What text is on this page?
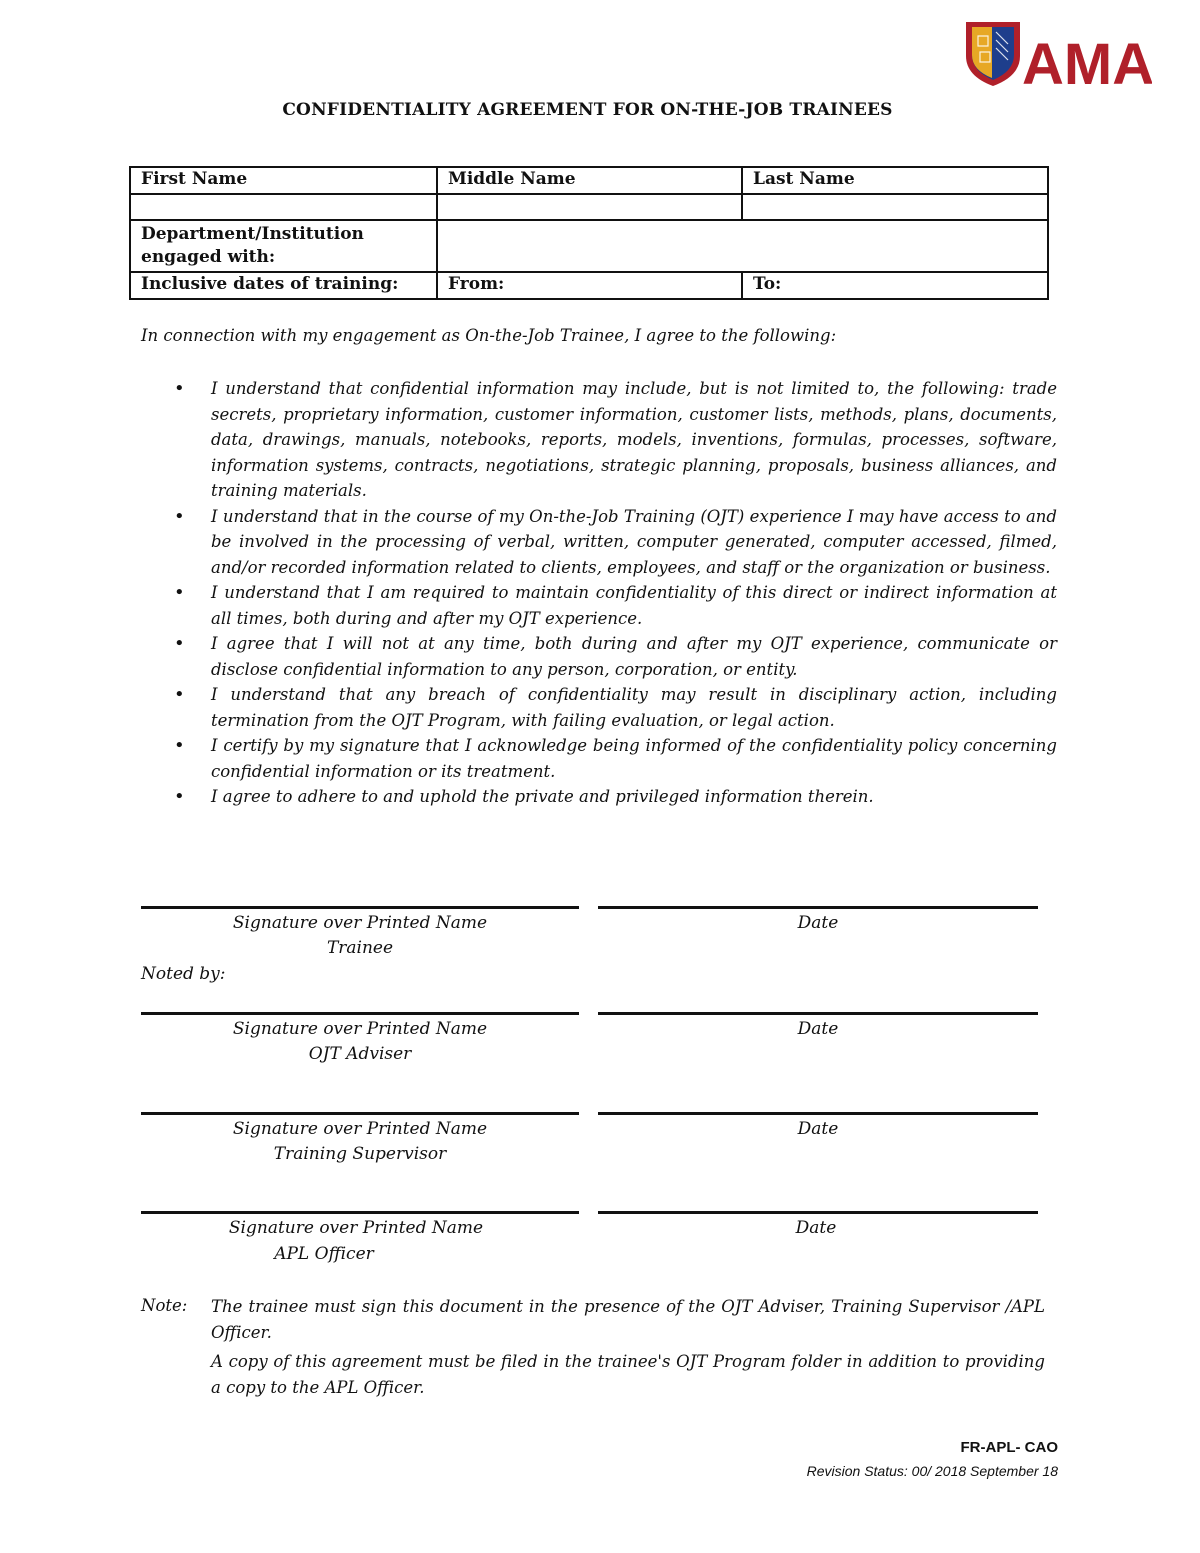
AMA
CONFIDENTIALITY AGREEMENT FOR ON-THE-JOB TRAINEES
First Name	Middle Name	Last Name

Department/Institution engaged with:		
Inclusive dates of training:	From:	To:
In connection with my engagement as On-the-Job Trainee, I agree to the following:
• I understand that confidential information may include, but is not limited to, the following: trade secrets, proprietary information, customer information, customer lists, methods, plans, documents, data, drawings, manuals, notebooks, reports, models, inventions, formulas, processes, software, information systems, contracts, negotiations, strategic planning, proposals, business alliances, and training materials.
• I understand that in the course of my On-the-Job Training (OJT) experience I may have access to and be involved in the processing of verbal, written, computer generated, computer accessed, filmed, and/or recorded information related to clients, employees, and staff or the organization or business.
• I understand that I am required to maintain confidentiality of this direct or indirect information at all times, both during and after my OJT experience.
• I agree that I will not at any time, both during and after my OJT experience, communicate or disclose confidential information to any person, corporation, or entity.
• I understand that any breach of confidentiality may result in disciplinary action, including termination from the OJT Program, with failing evaluation, or legal action.
• I certify by my signature that I acknowledge being informed of the confidentiality policy concerning confidential information or its treatment.
• I agree to adhere to and uphold the private and privileged information therein.
Signature over Printed Name	Date
Trainee
Noted by:
Signature over Printed Name	Date
OJT Adviser
Signature over Printed Name	Date
Training Supervisor
Signature over Printed Name	Date
APL Officer
Note: The trainee must sign this document in the presence of the OJT Adviser, Training Supervisor /APL Officer.
A copy of this agreement must be filed in the trainee's OJT Program folder in addition to providing a copy to the APL Officer.
FR-APL- CAO
Revision Status: 00/ 2018 September 18
